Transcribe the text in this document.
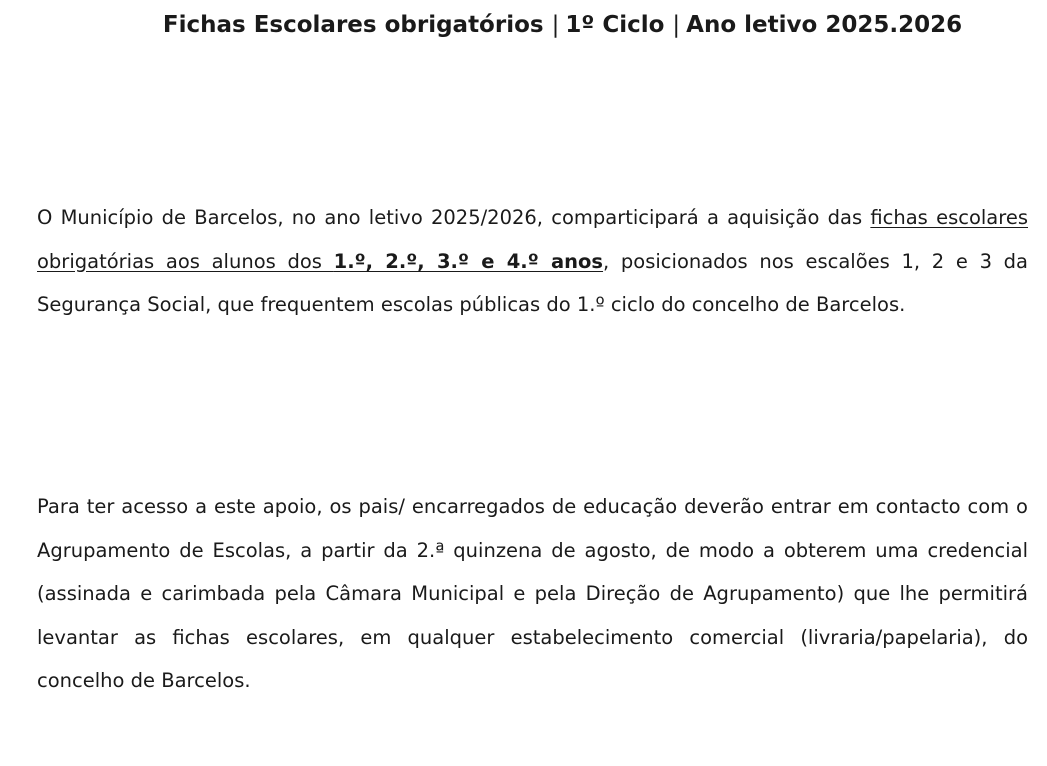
Fichas Escolares obrigatórios | 1º Ciclo | Ano letivo 2025.2026

O Município de Barcelos, no ano letivo 2025/2026, comparticipará a aquisição das fichas escolares obrigatórias aos alunos dos 1.º, 2.º, 3.º e 4.º anos, posicionados nos escalões 1, 2 e 3 da Segurança Social, que frequentem escolas públicas do 1.º ciclo do concelho de Barcelos.

Para ter acesso a este apoio, os pais/ encarregados de educação deverão entrar em contacto com o Agrupamento de Escolas, a partir da 2.ª quinzena de agosto, de modo a obterem uma credencial (assinada e carimbada pela Câmara Municipal e pela Direção de Agrupamento) que lhe permitirá levantar as fichas escolares, em qualquer estabelecimento comercial (livraria/papelaria), do concelho de Barcelos.
